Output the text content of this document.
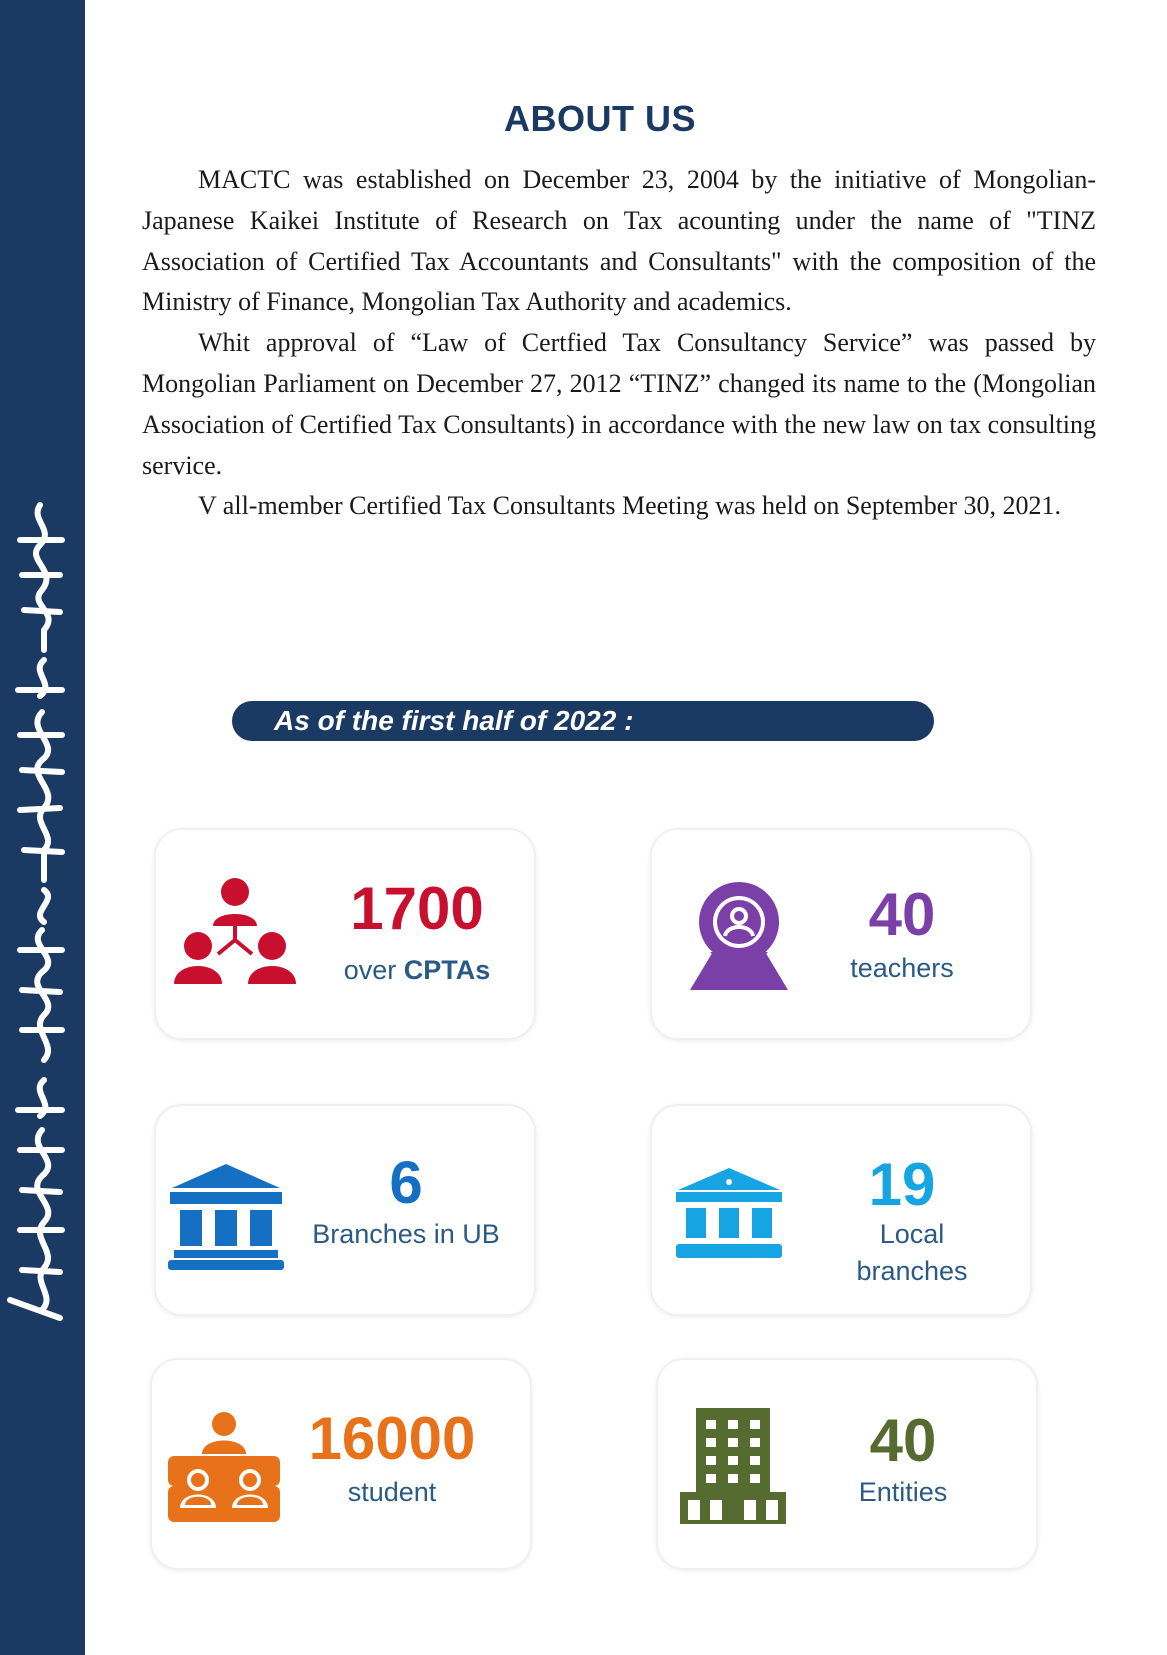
ABOUT US

MACTC was established on December 23, 2004 by the initiative of Mongolian-Japanese Kaikei Institute of Research on Tax acounting under the name of "TINZ Association of Certified Tax Accountants and Consultants" with the composition of the Ministry of Finance, Mongolian Tax Authority and academics.

Whit approval of “Law of Certfied Tax Consultancy Service” was passed by Mongolian Parliament on December 27, 2012 “TINZ” changed its name to the (Mongolian Association of Certified Tax Consultants) in accordance with the new law on tax consulting service.

V all-member Certified Tax Consultants Meeting was held on September 30, 2021.

As of the first half of 2022 :
1700
over CPTAs
40
teachers
6
Branches in UB
19
Local
branches
16000
student
40
Entities
